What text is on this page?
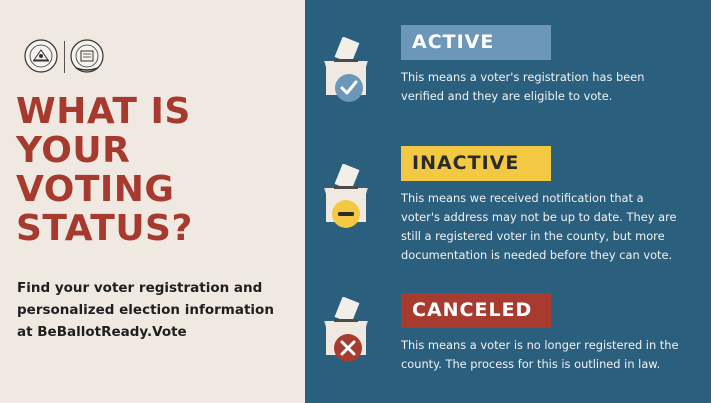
WHAT IS
YOUR
VOTING
STATUS?
Find your voter registration and
personalized election information
at BeBallotReady.Vote
ACTIVE
This means a voter's registration has been
verified and they are eligible to vote.
INACTIVE
This means we received notification that a
voter's address may not be up to date. They are
still a registered voter in the county, but more
documentation is needed before they can vote.
CANCELED
This means a voter is no longer registered in the
county. The process for this is outlined in law.
